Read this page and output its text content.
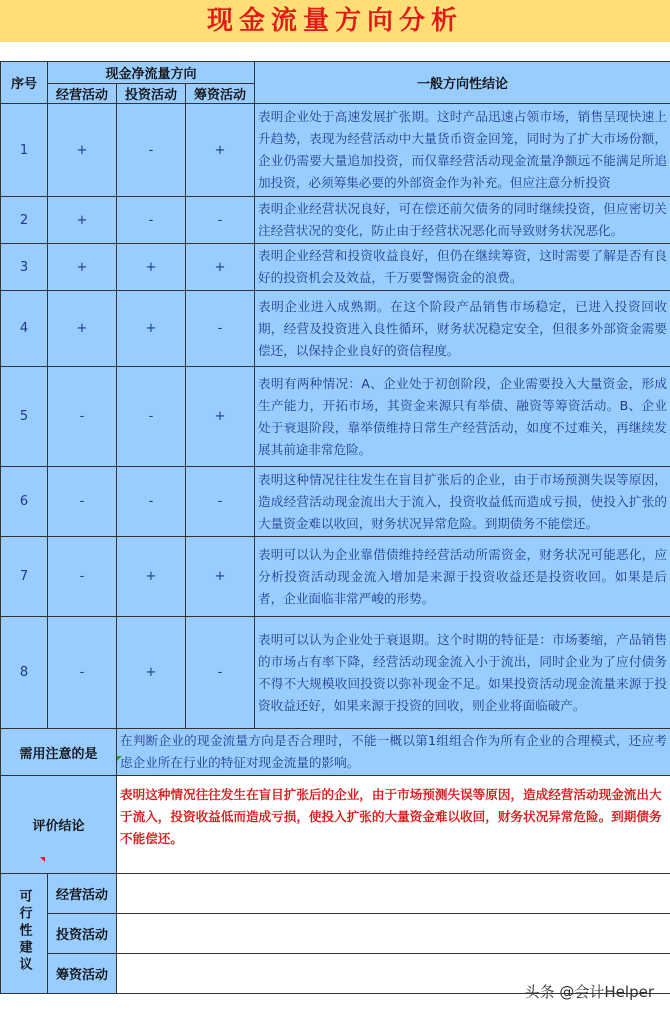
现金流量方向分析
序号	现金净流量方向			一般方向性结论
	经营活动	投资活动	筹资活动	
1	+	-	+	表明企业处于高速发展扩张期。这时产品迅速占领市场，销售呈现快速上升趋势，表现为经营活动中大量货币资金回笼，同时为了扩大市场份额，企业仍需要大量追加投资，而仅靠经营活动现金流量净额远不能满足所追加投资，必须筹集必要的外部资金作为补充。但应注意分析投资
2	+	-	-	表明企业经营状况良好，可在偿还前欠债务的同时继续投资，但应密切关注经营状况的变化，防止由于经营状况恶化而导致财务状况恶化。
3	+	+	+	表明企业经营和投资收益良好，但仍在继续筹资，这时需要了解是否有良好的投资机会及效益，千万要警惕资金的浪费。
4	+	+	-	表明企业进入成熟期。在这个阶段产品销售市场稳定，已进入投资回收期，经营及投资进入良性循环，财务状况稳定安全，但很多外部资金需要偿还，以保持企业良好的资信程度。
5	-	-	+	表明有两种情况：A、企业处于初创阶段，企业需要投入大量资金，形成生产能力，开拓市场，其资金来源只有举债、融资等筹资活动。B、企业处于衰退阶段，靠举债维持日常生产经营活动，如度不过难关，再继续发展其前途非常危险。
6	-	-	-	表明这种情况往往发生在盲目扩张后的企业，由于市场预测失误等原因，造成经营活动现金流出大于流入，投资收益低而造成亏损，使投入扩张的大量资金难以收回，财务状况异常危险。到期债务不能偿还。
7	-	+	+	表明可以认为企业靠借债维持经营活动所需资金，财务状况可能恶化，应分析投资活动现金流入增加是来源于投资收益还是投资收回。如果是后者，企业面临非常严峻的形势。
8	-	+	-	表明可以认为企业处于衰退期。这个时期的特征是：市场萎缩，产品销售的市场占有率下降，经营活动现金流入小于流出，同时企业为了应付债务不得不大规模收回投资以弥补现金不足。如果投资活动现金流量来源于投资收益还好，如果来源于投资的回收，则企业将面临破产。
需用注意的是		在判断企业的现金流量方向是否合理时，不能一概以第1组组合作为所有企业的合理模式，还应考虑企业所在行业的特征对现金流量的影响。		
评价结论		表明这种情况往往发生在盲目扩张后的企业，由于市场预测失误等原因，造成经营活动现金流出大于流入，投资收益低而造成亏损，使投入扩张的大量资金难以收回，财务状况异常危险。到期债务不能偿还。		
可行性建议	经营活动			
	投资活动			
	筹资活动			
头条 @会计Helper
